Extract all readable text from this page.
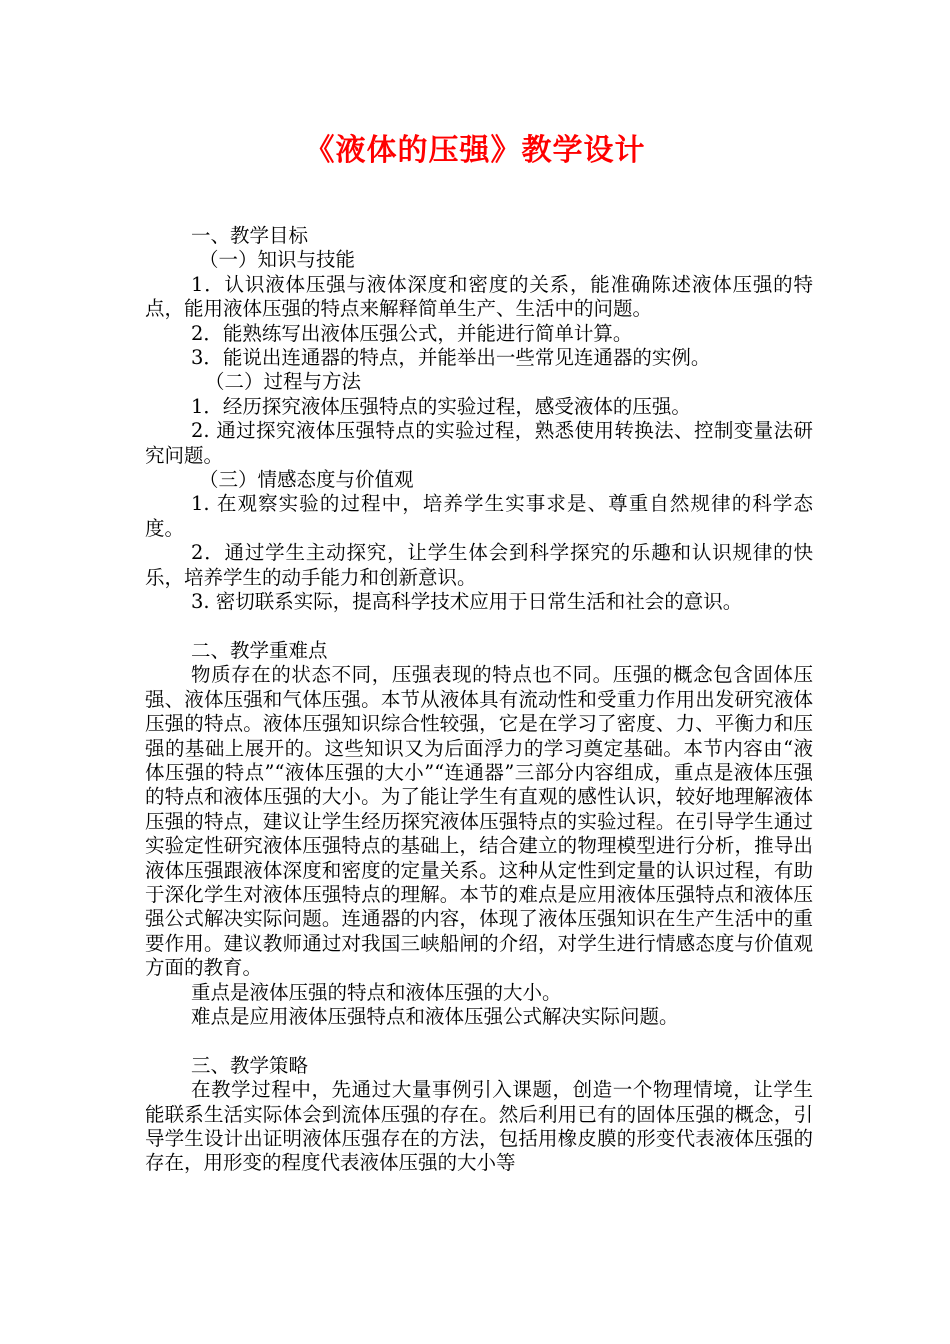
《液体的压强》教学设计

一、教学目标

（一）知识与技能

1．认识液体压强与液体深度和密度的关系，能准确陈述液体压强的特点，能用液体压强的特点来解释简单生产、生活中的问题。

2．能熟练写出液体压强公式，并能进行简单计算。

3．能说出连通器的特点，并能举出一些常见连通器的实例。

（二）过程与方法

1．经历探究液体压强特点的实验过程，感受液体的压强。

2. 通过探究液体压强特点的实验过程，熟悉使用转换法、控制变量法研究问题。

（三）情感态度与价值观

1. 在观察实验的过程中，培养学生实事求是、尊重自然规律的科学态度。

2．通过学生主动探究，让学生体会到科学探究的乐趣和认识规律的快乐，培养学生的动手能力和创新意识。

3. 密切联系实际，提高科学技术应用于日常生活和社会的意识。

二、教学重难点

物质存在的状态不同，压强表现的特点也不同。压强的概念包含固体压强、液体压强和气体压强。本节从液体具有流动性和受重力作用出发研究液体压强的特点。液体压强知识综合性较强，它是在学习了密度、力、平衡力和压强的基础上展开的。这些知识又为后面浮力的学习奠定基础。本节内容由“液体压强的特点”“液体压强的大小”“连通器”三部分内容组成，重点是液体压强的特点和液体压强的大小。为了能让学生有直观的感性认识，较好地理解液体压强的特点，建议让学生经历探究液体压强特点的实验过程。在引导学生通过实验定性研究液体压强特点的基础上，结合建立的物理模型进行分析，推导出液体压强跟液体深度和密度的定量关系。这种从定性到定量的认识过程，有助于深化学生对液体压强特点的理解。本节的难点是应用液体压强特点和液体压强公式解决实际问题。连通器的内容，体现了液体压强知识在生产生活中的重要作用。建议教师通过对我国三峡船闸的介绍，对学生进行情感态度与价值观方面的教育。

重点是液体压强的特点和液体压强的大小。

难点是应用液体压强特点和液体压强公式解决实际问题。

三、教学策略

在教学过程中，先通过大量事例引入课题，创造一个物理情境，让学生能联系生活实际体会到流体压强的存在。然后利用已有的固体压强的概念，引导学生设计出证明液体压强存在的方法，包括用橡皮膜的形变代表液体压强的存在，用形变的程度代表液体压强的大小等
